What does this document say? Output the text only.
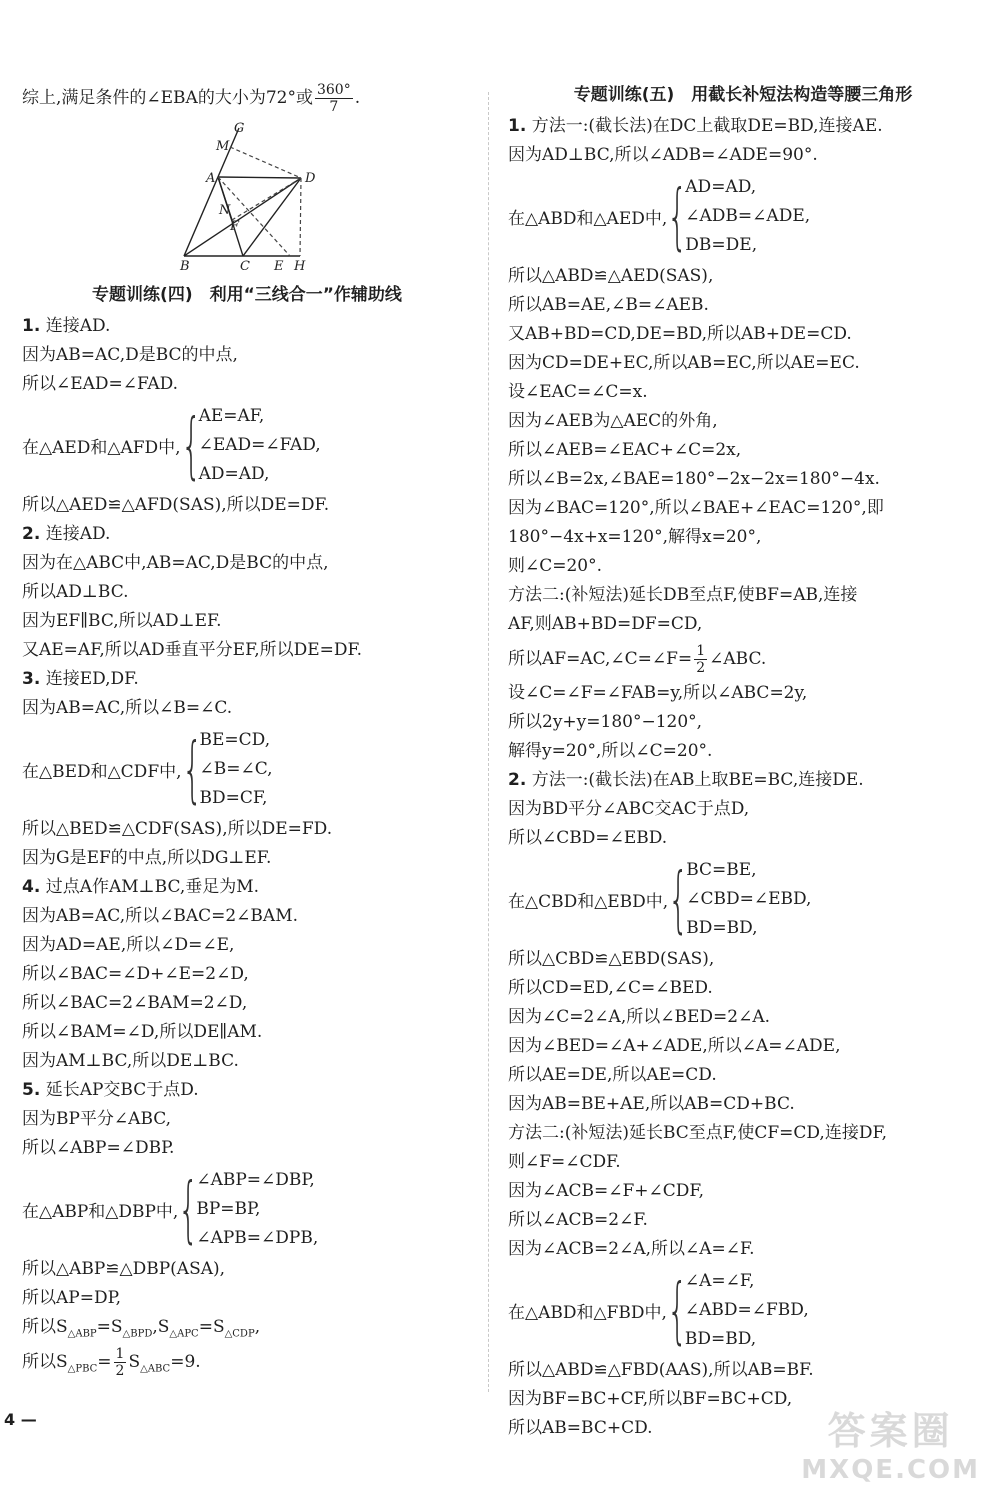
综上,满足条件的∠EBA的大小为72°或 $\frac{360^\circ}{7}$ .
G
M
A	D
N
F
B	C E H
专题训练(四)　利用“三线合一”作辅助线
1. 连接AD.
因为AB=AC,D是BC的中点,
所以∠EAD=∠FAD.
在△AED和△AFD中, {
AE=AF,
∠EAD=∠FAD,
AD=AD,
所以△AED≌△AFD(SAS),所以DE=DF.
2. 连接AD.
因为在△ABC中,AB=AC,D是BC的中点,
所以AD⊥BC.
因为EF∥BC,所以AD⊥EF.
又AE=AF,所以AD垂直平分EF,所以DE=DF.
3. 连接ED,DF.
因为AB=AC,所以∠B=∠C.
在△BED和△CDF中, {
BE=CD,
∠B=∠C,
BD=CF,
所以△BED≌△CDF(SAS),所以DE=FD.
因为G是EF的中点,所以DG⊥EF.
4. 过点A作AM⊥BC,垂足为M.
因为AB=AC,所以∠BAC=2∠BAM.
因为AD=AE,所以∠D=∠E,
所以∠BAC=∠D+∠E=2∠D,
所以∠BAC=2∠BAM=2∠D,
所以∠BAM=∠D,所以DE∥AM.
因为AM⊥BC,所以DE⊥BC.
5. 延长AP交BC于点D.
因为BP平分∠ABC,
所以∠ABP=∠DBP.
在△ABP和△DBP中, {
∠ABP=∠DBP,
BP=BP,
∠APB=∠DPB,
所以△ABP≌△DBP(ASA),
所以AP=DP,
所以$S_{\triangle ABP}=S_{\triangle BPD},S_{\triangle APC}=S_{\triangle CDP}$,
所以$S_{\triangle PBC}= \frac{1}{2} S_{\triangle ABC}=9$.
专题训练(五)　用截长补短法构造等腰三角形
1. 方法一:(截长法)在DC上截取DE=BD,连接AE.
因为AD⊥BC,所以∠ADB=∠ADE=90°.
在△ABD和△AED中, {
AD=AD,
∠ADB=∠ADE,
DB=DE,
所以△ABD≌△AED(SAS),
所以AB=AE,∠B=∠AEB.
又AB+BD=CD,DE=BD,所以AB+DE=CD.
因为CD=DE+EC,所以AB=EC,所以AE=EC.
设∠EAC=∠C=x.
因为∠AEB为△AEC的外角,
所以∠AEB=∠EAC+∠C=2x,
所以∠B=2x,∠BAE=180°−2x−2x=180°−4x.
因为∠BAC=120°,所以∠BAE+∠EAC=120°,即
180°−4x+x=120°,解得x=20°,
则∠C=20°.
方法二:(补短法)延长DB至点F,使BF=AB,连接
AF,则AB+BD=DF=CD,
所以AF=AC,∠C=∠F= $\frac{1}{2}$ ∠ABC.
设∠C=∠F=∠FAB=y,所以∠ABC=2y,
所以2y+y=180°−120°,
解得y=20°,所以∠C=20°.
2. 方法一:(截长法)在AB上取BE=BC,连接DE.
因为BD平分∠ABC交AC于点D,
所以∠CBD=∠EBD.
在△CBD和△EBD中, {
BC=BE,
∠CBD=∠EBD,
BD=BD,
所以△CBD≌△EBD(SAS),
所以CD=ED,∠C=∠BED.
因为∠C=2∠A,所以∠BED=2∠A.
因为∠BED=∠A+∠ADE,所以∠A=∠ADE,
所以AE=DE,所以AE=CD.
因为AB=BE+AE,所以AB=CD+BC.
方法二:(补短法)延长BC至点F,使CF=CD,连接DF,
则∠F=∠CDF.
因为∠ACB=∠F+∠CDF,
所以∠ACB=2∠F.
因为∠ACB=2∠A,所以∠A=∠F.
在△ABD和△FBD中, {
∠A=∠F,
∠ABD=∠FBD,
BD=BD,
所以△ABD≌△FBD(AAS),所以AB=BF.
因为BF=BC+CF,所以BF=BC+CD,
所以AB=BC+CD.
4 —	答案圈
MXQE.COM
